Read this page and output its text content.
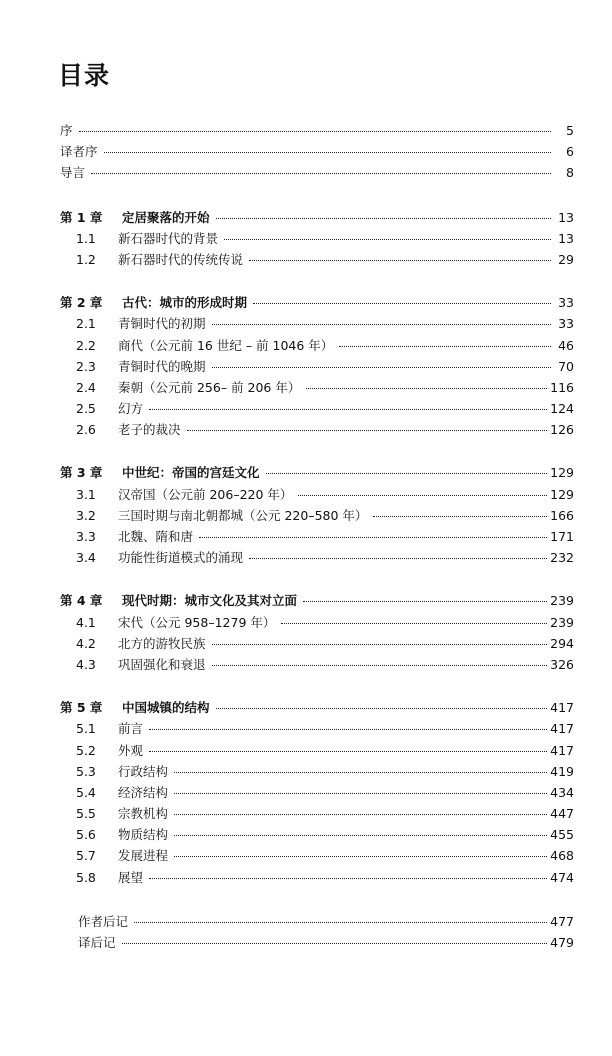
目录
序	5
译者序	6
导言	8
第 1 章	定居聚落的开始	13
1.1	新石器时代的背景	13
1.2	新石器时代的传统传说	29
第 2 章	古代：城市的形成时期	33
2.1	青铜时代的初期	33
2.2	商代（公元前 16 世纪 – 前 1046 年）	46
2.3	青铜时代的晚期	70
2.4	秦朝（公元前 256– 前 206 年）	116
2.5	幻方	124
2.6	老子的裁决	126
第 3 章	中世纪：帝国的宫廷文化	129
3.1	汉帝国（公元前 206–220 年）	129
3.2	三国时期与南北朝都城（公元 220–580 年）	166
3.3	北魏、隋和唐	171
3.4	功能性街道模式的涌现	232
第 4 章	现代时期：城市文化及其对立面	239
4.1	宋代（公元 958–1279 年）	239
4.2	北方的游牧民族	294
4.3	巩固强化和衰退	326
第 5 章	中国城镇的结构	417
5.1	前言	417
5.2	外观	417
5.3	行政结构	419
5.4	经济结构	434
5.5	宗教机构	447
5.6	物质结构	455
5.7	发展进程	468
5.8	展望	474
作者后记	477
译后记	479
